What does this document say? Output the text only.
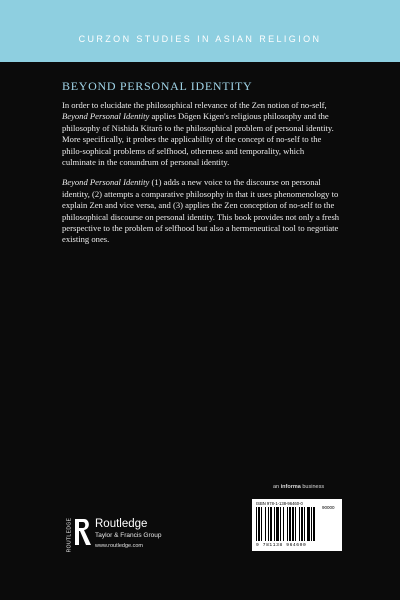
CURZON STUDIES IN ASIAN RELIGION
BEYOND PERSONAL IDENTITY

In order to elucidate the philosophical relevance of the Zen notion of no-self, Beyond Personal Identity applies Dōgen Kigen's religious philosophy and the philosophy of Nishida Kitarō to the philosophical problem of personal identity. More specifically, it probes the applicability of the concept of no-self to the philo-sophical problems of selfhood, otherness and temporality, which culminate in the conundrum of personal identity.

Beyond Personal Identity (1) adds a new voice to the discourse on personal identity, (2) attempts a comparative philosophy in that it uses phenomenology to explain Zen and vice versa, and (3) applies the Zen conception of no-self to the philosophical discourse on personal identity. This book provides not only a fresh perspective to the problem of selfhood but also a hermeneutical tool to negotiate existing ones.

an informa business
ISBN 978-1-138-96460-0
90000
9 781138 964600
ROUTLEDGE Routledge
Taylor & Francis Group
www.routledge.com
